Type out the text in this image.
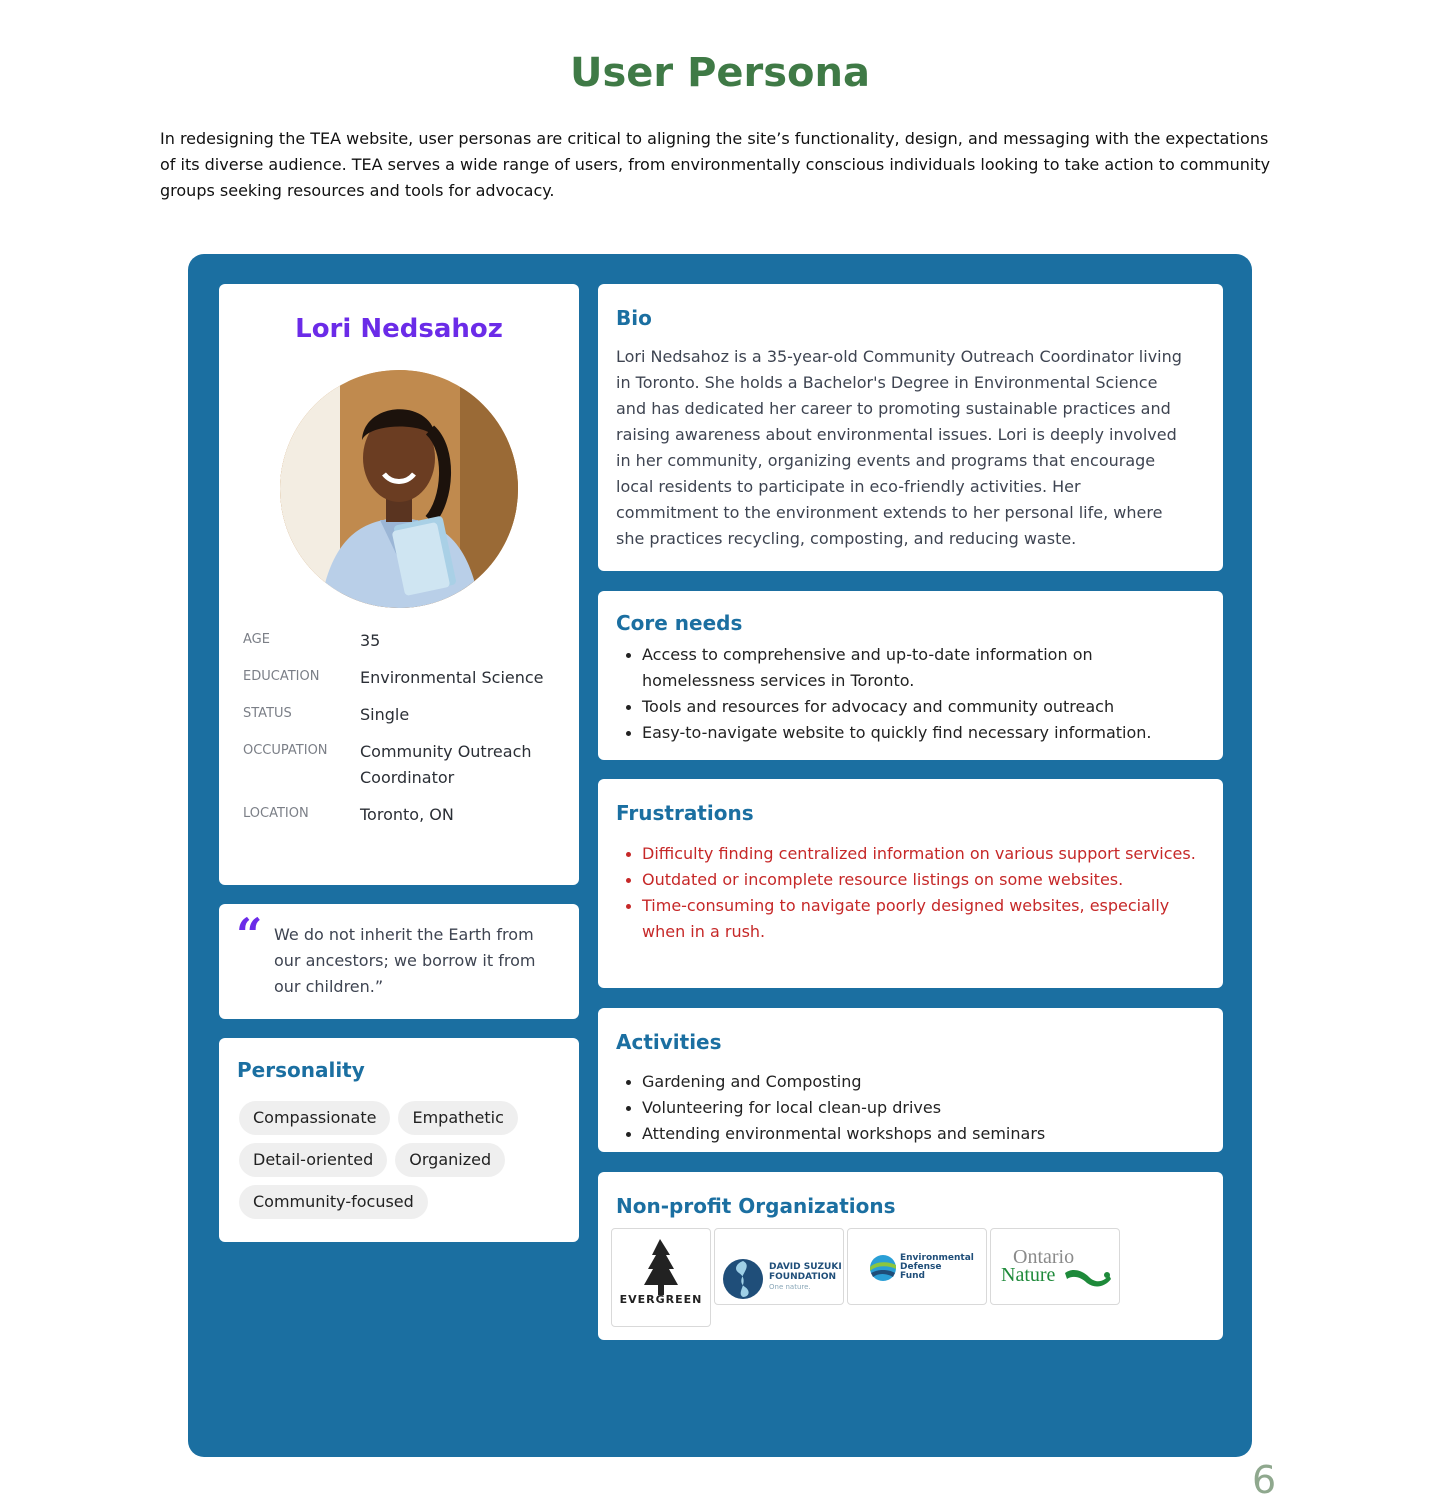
User Persona

In redesigning the TEA website, user personas are critical to aligning the site’s functionality, design, and messaging with the expectations of its diverse audience. TEA serves a wide range of users, from environmentally conscious individuals looking to take action to community groups seeking resources and tools for advocacy.

Lori Nedsahoz
AGE	35
EDUCATION	Environmental Science
STATUS	Single
OCCUPATION	Community Outreach Coordinator
LOCATION	Toronto, ON
“ We do not inherit the Earth from our ancestors; we borrow it from our children.”
Personality
Compassionate	Empathetic
Detail-oriented	Organized
Community-focused
Bio

Lori Nedsahoz is a 35-year-old Community Outreach Coordinator living in Toronto. She holds a Bachelor's Degree in Environmental Science and has dedicated her career to promoting sustainable practices and raising awareness about environmental issues. Lori is deeply involved in her community, organizing events and programs that encourage local residents to participate in eco-friendly activities. Her commitment to the environment extends to her personal life, where she practices recycling, composting, and reducing waste.

Core needs
Access to comprehensive and up-to-date information on homelessness services in Toronto.
Tools and resources for advocacy and community outreach
Easy-to-navigate website to quickly find necessary information.
Frustrations
Difficulty finding centralized information on various support services.
Outdated or incomplete resource listings on some websites.
Time-consuming to navigate poorly designed websites, especially when in a rush.
Activities
Gardening and Composting
Volunteering for local clean-up drives
Attending environmental workshops and seminars
Non-profit Organizations
EVERGREEN
DAVID SUZUKI
FOUNDATION
One nature.
Environmental
Defense
Fund
Ontario
Nature
6
